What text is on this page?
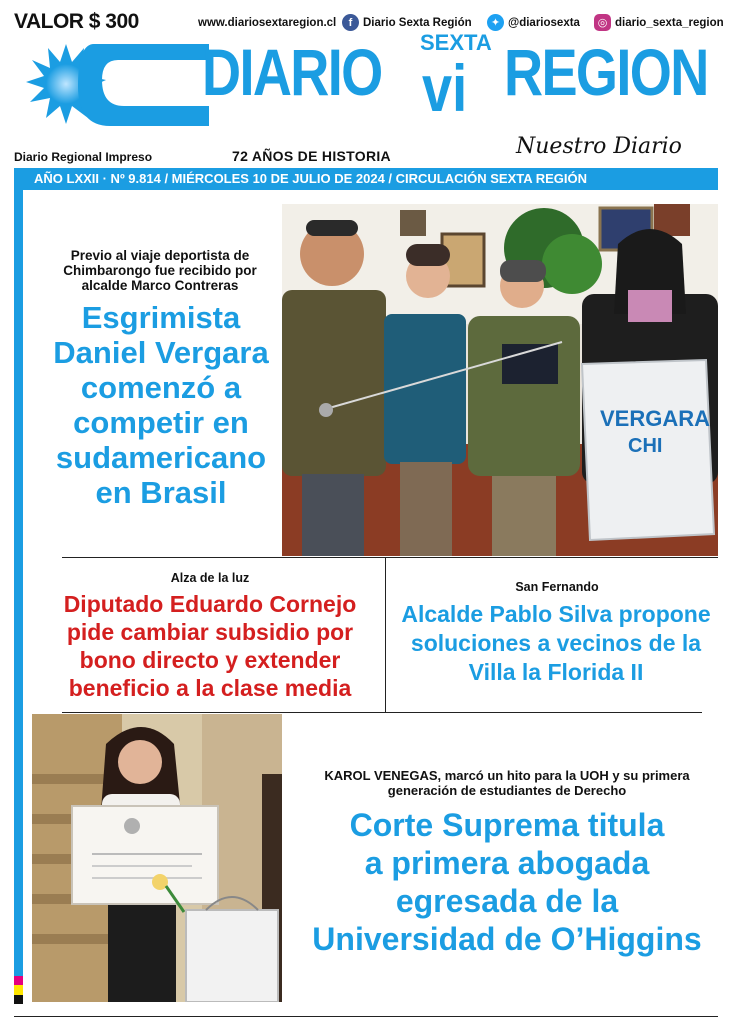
VALOR $ 300	www.diariosextaregion.cl	f Diario Sexta Región	✦ @diariosexta	◎ diario_sexta_region
DIARIO SEXTA
vi REGION
Nuestro Diario
Diario Regional Impreso	72 AÑOS DE HISTORIA
AÑO LXXII · Nº 9.814 / MIÉRCOLES 10 DE JULIO DE 2024 / CIRCULACIÓN SEXTA REGIÓN
Previo al viaje deportista de Chimbarongo fue recibido por alcalde Marco Contreras
Esgrimista
Daniel Vergara
comenzó a
competir en
sudamericano
en Brasil
VERGARA
CHI
Alza de la luz
Diputado Eduardo Cornejo
pide cambiar subsidio por
bono directo y extender
beneficio a la clase media
San Fernando
Alcalde Pablo Silva propone
soluciones a vecinos de la
Villa la Florida II
KAROL VENEGAS, marcó un hito para la UOH y su primera
generación de estudiantes de Derecho
Corte Suprema titula
a primera abogada
egresada de la
Universidad de O’Higgins
